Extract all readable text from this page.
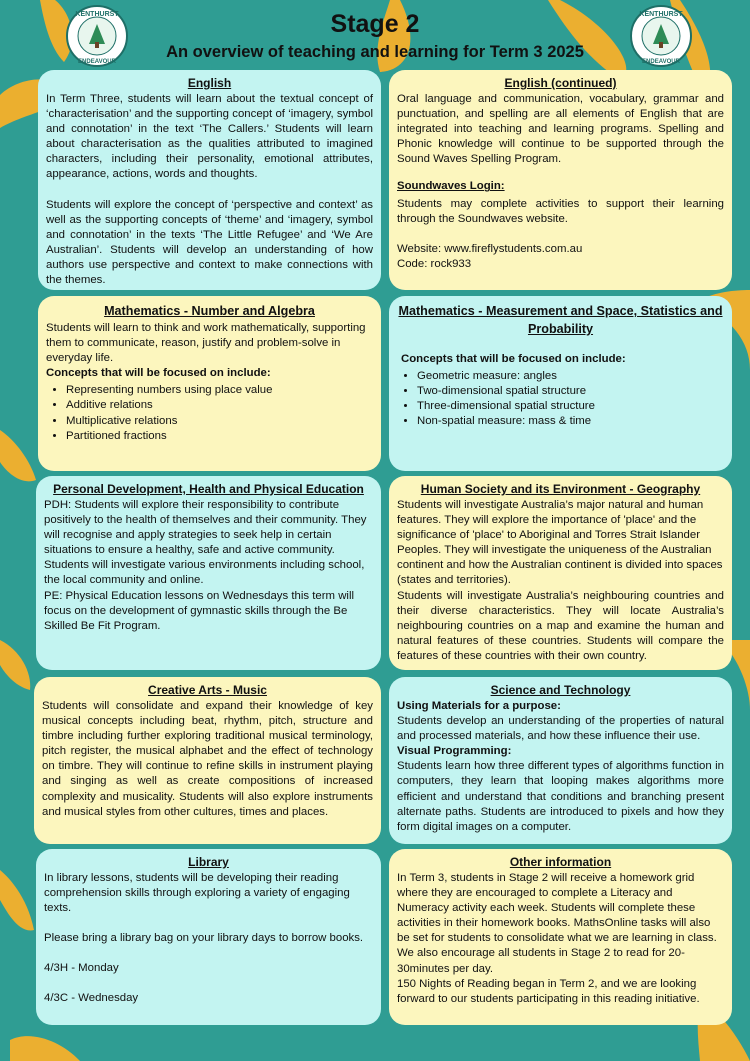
KENTHURST
ENDEAVOUR
KENTHURST
ENDEAVOUR
Stage 2
An overview of teaching and learning for Term 3 2025
English

In Term Three, students will learn about the textual concept of ‘characterisation’ and the supporting concept of ‘imagery, symbol and connotation’ in the text ‘The Callers.’ Students will learn about characterisation as the qualities attributed to imagined characters, including their personality, emotional attributes, appearance, actions, words and thoughts.

Students will explore the concept of ‘perspective and context’ as well as the supporting concepts of ‘theme’ and ‘imagery, symbol and connotation’ in the texts ‘The Little Refugee’ and ‘We Are Australian’. Students will develop an understanding of how authors use perspective and context to make connections with the themes.

English (continued)

Oral language and communication, vocabulary, grammar and punctuation, and spelling are all elements of English that are integrated into teaching and learning programs. Spelling and Phonic knowledge will continue to be supported through the Sound Waves Spelling Program.

Soundwaves Login:

Students may complete activities to support their learning through the Soundwaves website.

Website: www.fireflystudents.com.au

Code: rock933

Mathematics - Number and Algebra

Students will learn to think and work mathematically, supporting them to communicate, reason, justify and problem-solve in everyday life.

Concepts that will be focused on include:

• Representing numbers using place value
• Additive relations
• Multiplicative relations
• Partitioned fractions
Mathematics - Measurement and Space, Statistics and Probability

Concepts that will be focused on include:

• Geometric measure: angles
• Two-dimensional spatial structure
• Three-dimensional spatial structure
• Non-spatial measure: mass & time
Personal Development, Health and Physical Education

PDH: Students will explore their responsibility to contribute positively to the health of themselves and their community. They will recognise and apply strategies to seek help in certain situations to ensure a healthy, safe and active community. Students will investigate various environments including school, the local community and online.

PE: Physical Education lessons on Wednesdays this term will focus on the development of gymnastic skills through the Be Skilled Be Fit Program.

Human Society and its Environment - Geography

Students will investigate Australia’s major natural and human features. They will explore the importance of 'place' and the significance of 'place' to Aboriginal and Torres Strait Islander Peoples. They will investigate the uniqueness of the Australian continent and how the Australian continent is divided into spaces (states and territories).

Students will investigate Australia’s neighbouring countries and their diverse characteristics. They will locate Australia’s neighbouring countries on a map and examine the human and natural features of these countries. Students will compare the features of these countries with their own country.

Creative Arts - Music

Students will consolidate and expand their knowledge of key musical concepts including beat, rhythm, pitch, structure and timbre including further exploring traditional musical terminology, pitch register, the musical alphabet and the effect of technology on timbre. They will continue to refine skills in instrument playing and singing as well as create compositions of increased complexity and musicality. Students will also explore instruments and musical styles from other cultures, times and places.

Science and Technology

Using Materials for a purpose:

Students develop an understanding of the properties of natural and processed materials, and how these influence their use.

Visual Programming:

Students learn how three different types of algorithms function in computers, they learn that looping makes algorithms more efficient and understand that conditions and branching present alternate paths. Students are introduced to pixels and how they form digital images on a computer.

Library

In library lessons, students will be developing their reading comprehension skills through exploring a variety of engaging texts.

Please bring a library bag on your library days to borrow books.

4/3H - Monday

4/3C - Wednesday

Other information

In Term 3, students in Stage 2 will receive a homework grid where they are encouraged to complete a Literacy and Numeracy activity each week. Students will complete these activities in their homework books. MathsOnline tasks will also be set for students to consolidate what we are learning in class. We also encourage all students in Stage 2 to read for 20-30minutes per day.

150 Nights of Reading began in Term 2, and we are looking forward to our students participating in this reading initiative.
